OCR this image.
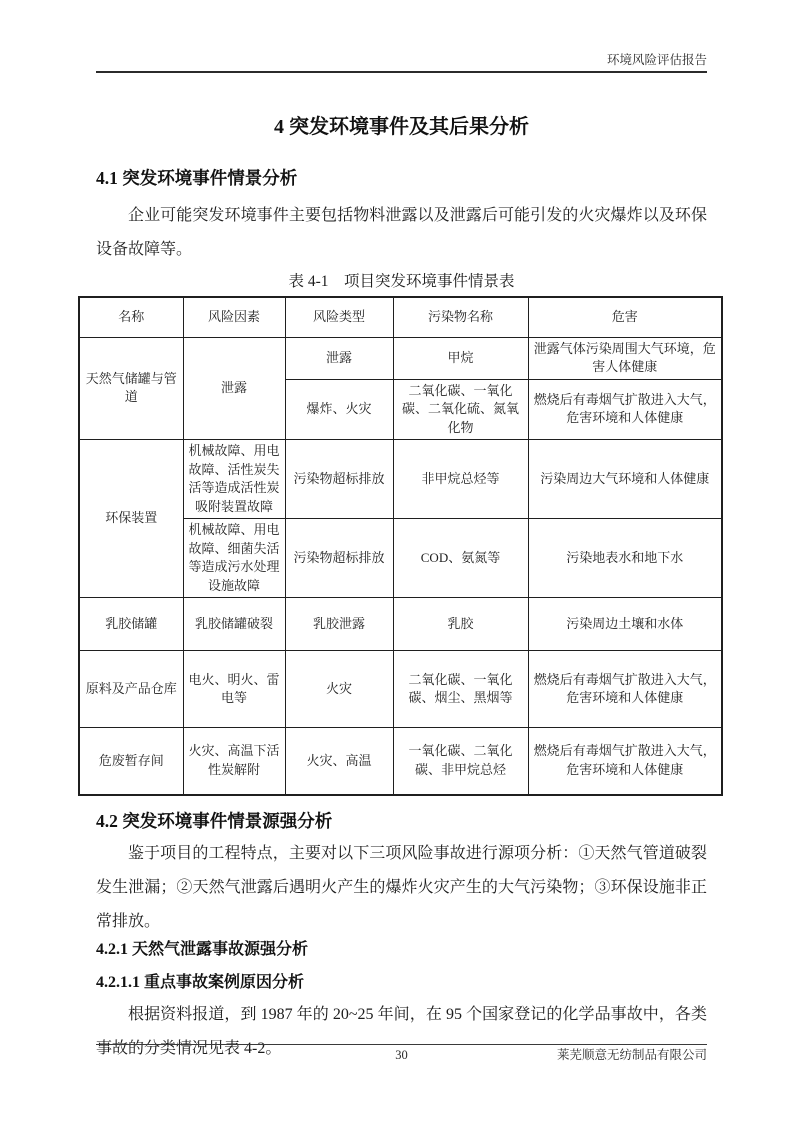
环境风险评估报告
4 突发环境事件及其后果分析
4.1 突发环境事件情景分析

企业可能突发环境事件主要包括物料泄露以及泄露后可能引发的火灾爆炸以及环保设备故障等。

表 4-1　项目突发环境事件情景表
名称	风险因素	风险类型	污染物名称	危害
天然气储罐与管道	泄露	泄露	甲烷	泄露气体污染周围大气环境，危害人体健康
		爆炸、火灾	二氧化碳、一氧化碳、二氧化硫、氮氧化物	燃烧后有毒烟气扩散进入大气，危害环境和人体健康
环保装置	机械故障、用电故障、活性炭失活等造成活性炭吸附装置故障	污染物超标排放	非甲烷总烃等	污染周边大气环境和人体健康
	机械故障、用电故障、细菌失活等造成污水处理设施故障	污染物超标排放	COD、氨氮等	污染地表水和地下水
乳胶储罐	乳胶储罐破裂	乳胶泄露	乳胶	污染周边土壤和水体
原料及产品仓库	电火、明火、雷电等	火灾	二氧化碳、一氧化碳、烟尘、黑烟等	燃烧后有毒烟气扩散进入大气，危害环境和人体健康
危废暂存间	火灾、高温下活性炭解附	火灾、高温	一氧化碳、二氧化碳、非甲烷总烃	燃烧后有毒烟气扩散进入大气，危害环境和人体健康
4.2 突发环境事件情景源强分析

鉴于项目的工程特点，主要对以下三项风险事故进行源项分析：①天然气管道破裂发生泄漏；②天然气泄露后遇明火产生的爆炸火灾产生的大气污染物；③环保设施非正常排放。

4.2.1 天然气泄露事故源强分析
4.2.1.1 重点事故案例原因分析

根据资料报道，到 1987 年的 20~25 年间，在 95 个国家登记的化学品事故中，各类事故的分类情况见表 4-2。	30	莱芜顺意无纺制品有限公司
